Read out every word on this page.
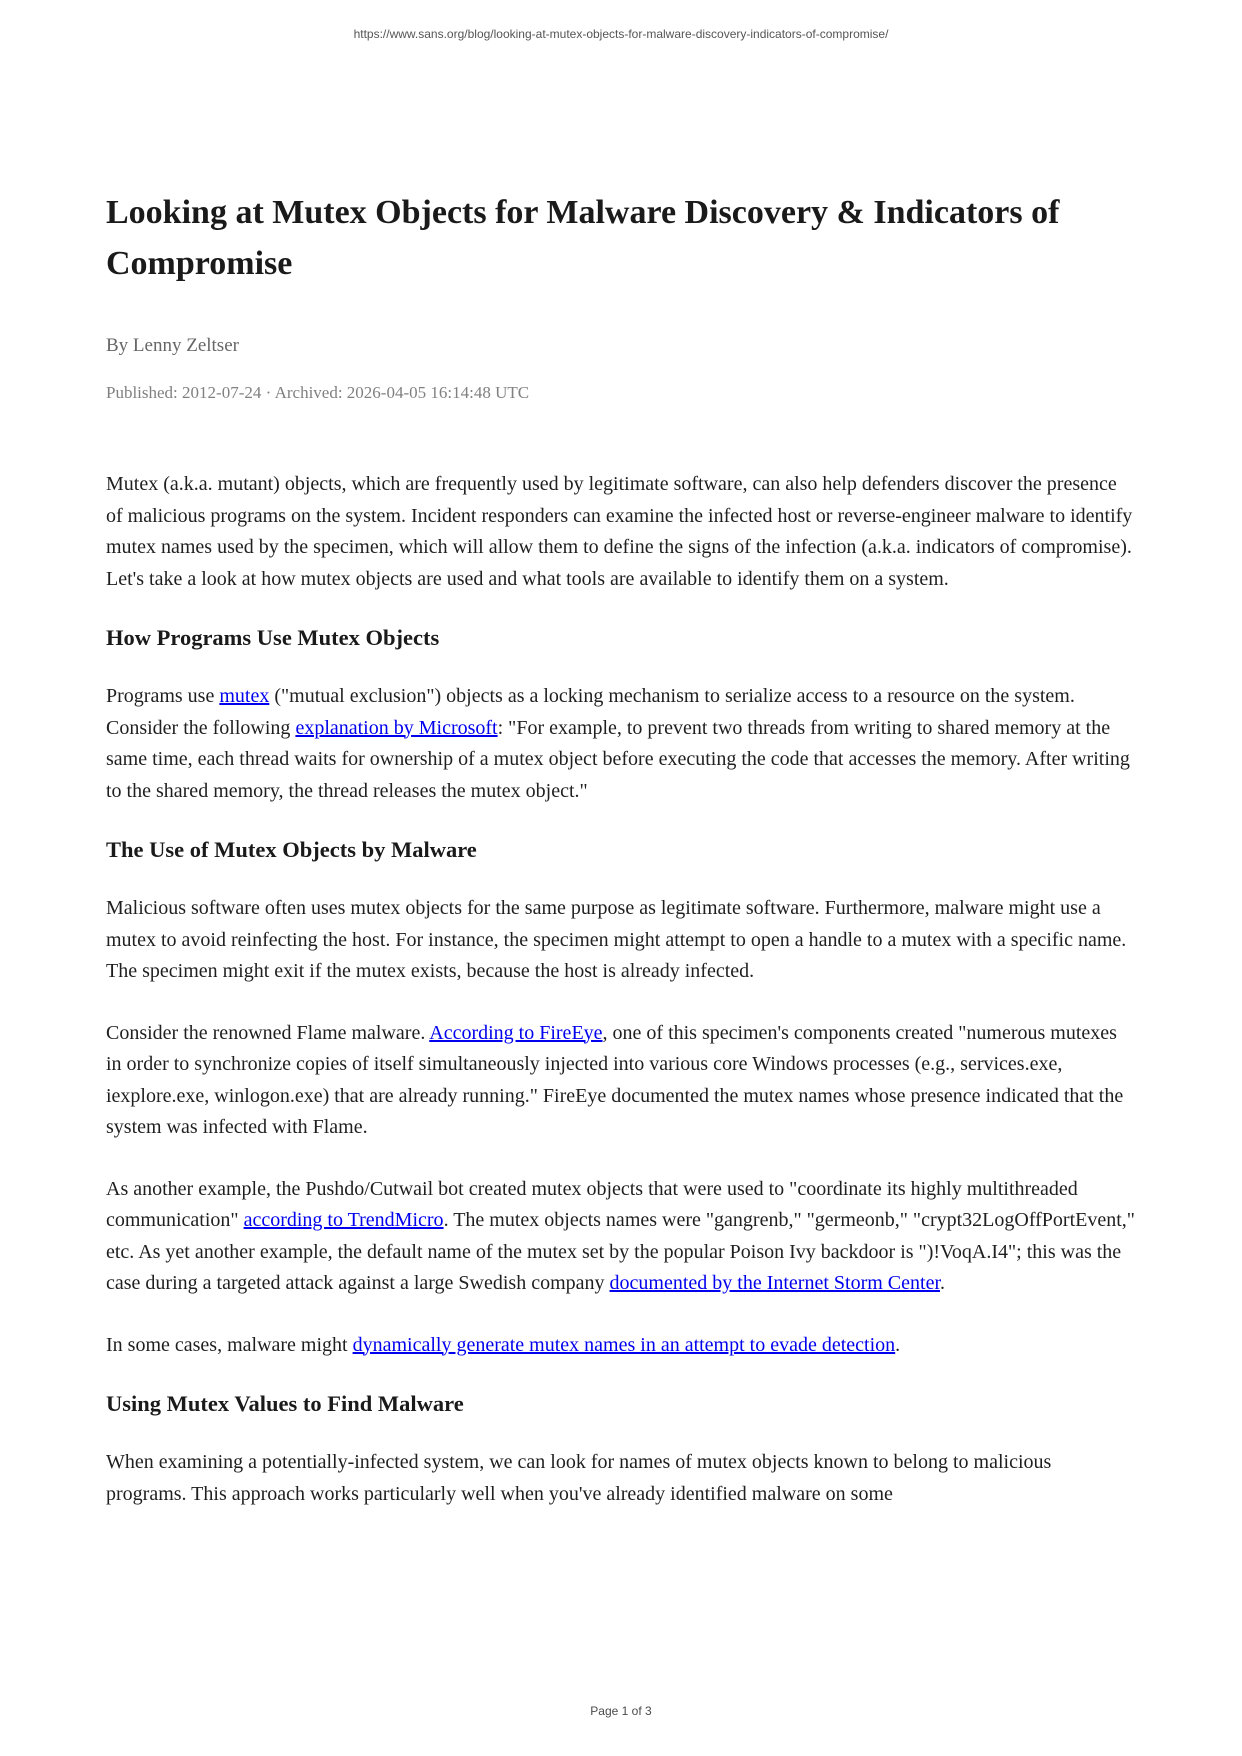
https://www.sans.org/blog/looking-at-mutex-objects-for-malware-discovery-indicators-of-compromise/
Looking at Mutex Objects for Malware Discovery & Indicators of Compromise

By Lenny Zeltser

Published: 2012-07-24 · Archived: 2026-04-05 16:14:48 UTC

Mutex (a.k.a. mutant) objects, which are frequently used by legitimate software, can also help defenders discover the presence of malicious programs on the system. Incident responders can examine the infected host or reverse-engineer malware to identify mutex names used by the specimen, which will allow them to define the signs of the infection (a.k.a. indicators of compromise). Let's take a look at how mutex objects are used and what tools are available to identify them on a system.

How Programs Use Mutex Objects

Programs use mutex ("mutual exclusion") objects as a locking mechanism to serialize access to a resource on the system. Consider the following explanation by Microsoft: "For example, to prevent two threads from writing to shared memory at the same time, each thread waits for ownership of a mutex object before executing the code that accesses the memory. After writing to the shared memory, the thread releases the mutex object."

The Use of Mutex Objects by Malware

Malicious software often uses mutex objects for the same purpose as legitimate software. Furthermore, malware might use a mutex to avoid reinfecting the host. For instance, the specimen might attempt to open a handle to a mutex with a specific name. The specimen might exit if the mutex exists, because the host is already infected.

Consider the renowned Flame malware. According to FireEye, one of this specimen's components created "numerous mutexes in order to synchronize copies of itself simultaneously injected into various core Windows processes (e.g., services.exe, iexplore.exe, winlogon.exe) that are already running." FireEye documented the mutex names whose presence indicated that the system was infected with Flame.

As another example, the Pushdo/Cutwail bot created mutex objects that were used to "coordinate its highly multithreaded communication" according to TrendMicro. The mutex objects names were "gangrenb," "germeonb," "crypt32LogOffPortEvent," etc. As yet another example, the default name of the mutex set by the popular Poison Ivy backdoor is ")!VoqA.I4"; this was the case during a targeted attack against a large Swedish company documented by the Internet Storm Center.

In some cases, malware might dynamically generate mutex names in an attempt to evade detection.

Using Mutex Values to Find Malware

When examining a potentially-infected system, we can look for names of mutex objects known to belong to malicious programs. This approach works particularly well when you've already identified malware on some

Page 1 of 3
